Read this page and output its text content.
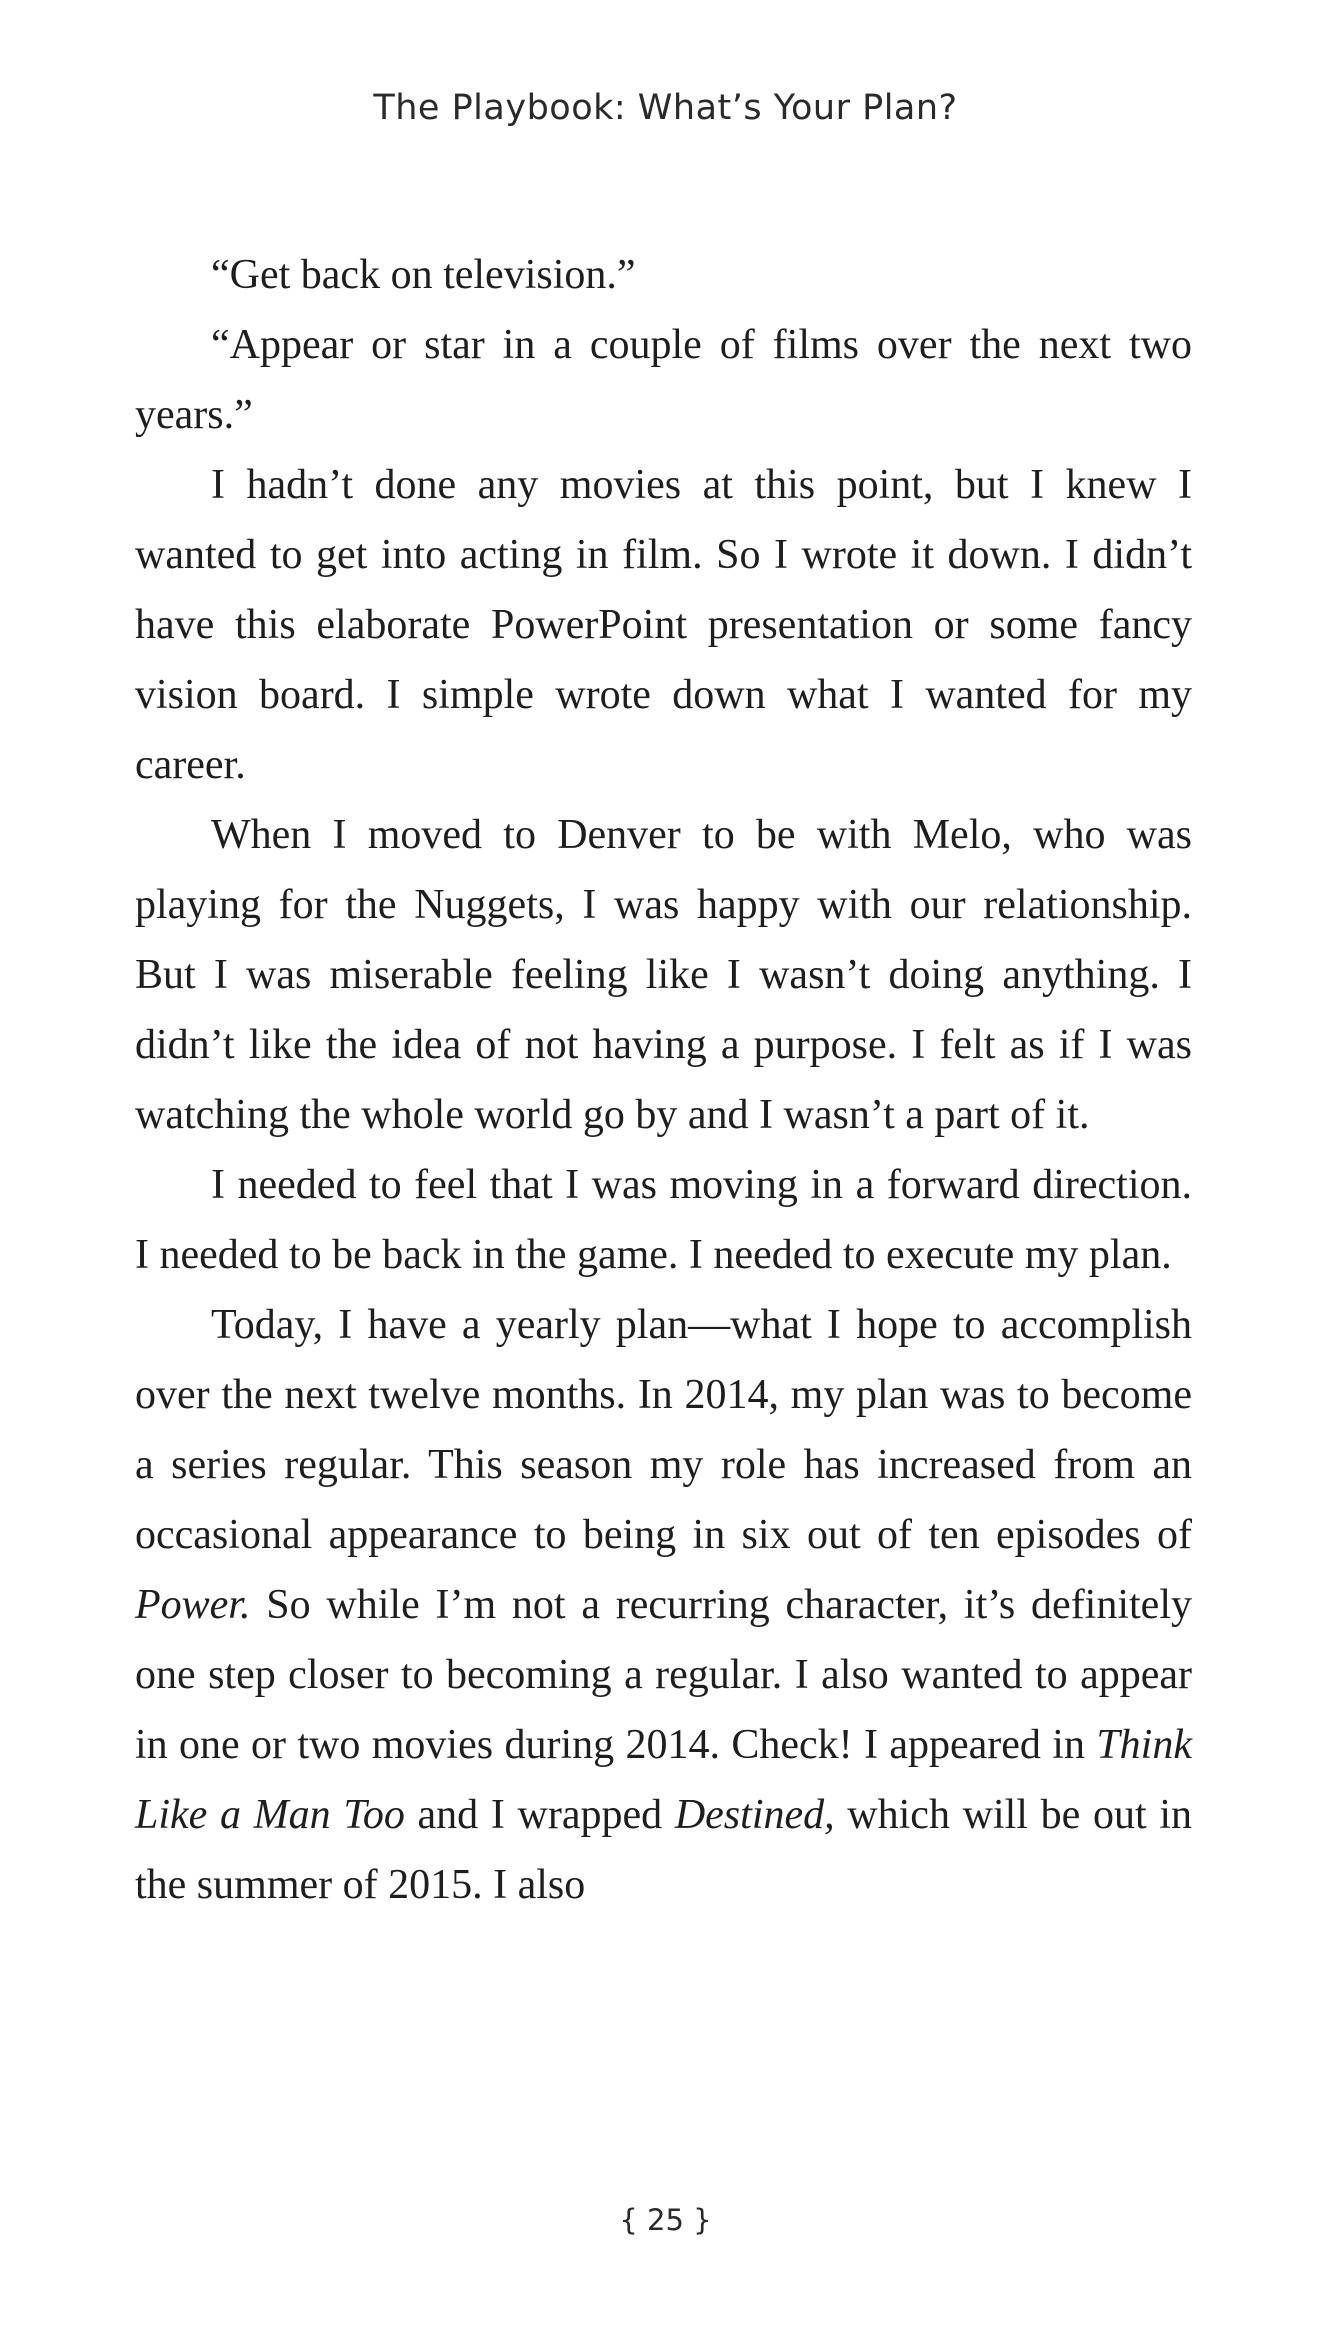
The Playbook: What’s Your Plan?

“Get back on television.”

“Appear or star in a couple of films over the next two years.”

I hadn’t done any movies at this point, but I knew I wanted to get into acting in film. So I wrote it down. I didn’t have this elaborate PowerPoint presentation or some fancy vision board. I simple wrote down what I wanted for my career.

When I moved to Denver to be with Melo, who was playing for the Nuggets, I was happy with our relationship. But I was miserable feeling like I wasn’t doing anything. I didn’t like the idea of not having a purpose. I felt as if I was watching the whole world go by and I wasn’t a part of it.

I needed to feel that I was moving in a forward direction. I needed to be back in the game. I needed to execute my plan.

Today, I have a yearly plan—what I hope to accomplish over the next twelve months. In 2014, my plan was to become a series regular. This season my role has increased from an occasional appearance to being in six out of ten episodes of Power. So while I’m not a recurring character, it’s definitely one step closer to becoming a regular. I also wanted to appear in one or two movies during 2014. Check! I appeared in Think Like a Man Too and I wrapped Destined, which will be out in the summer of 2015. I also

{ 25 }
